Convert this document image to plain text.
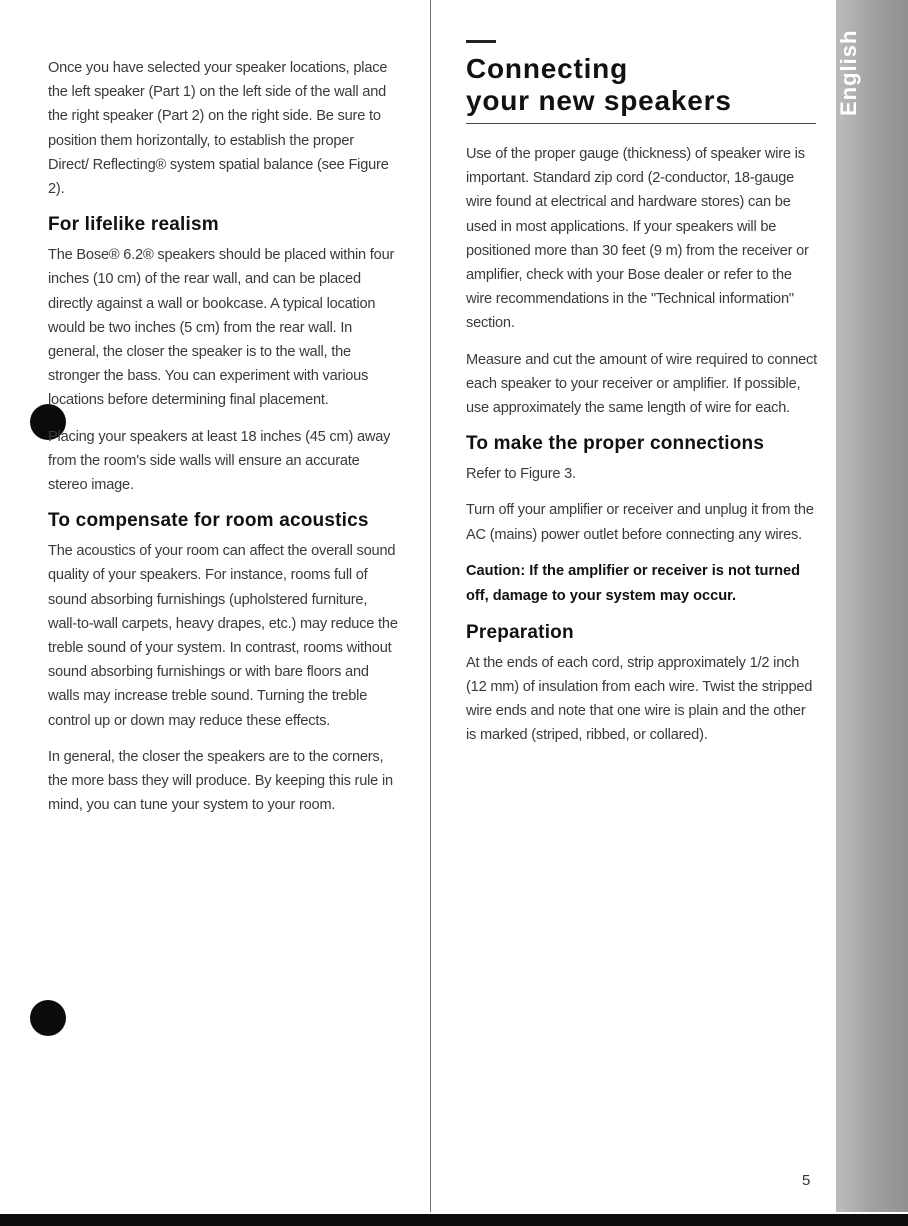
English

Once you have selected your speaker locations, place the left speaker (Part 1) on the left side of the wall and the right speaker (Part 2) on the right side. Be sure to position them horizontally, to establish the proper Direct/ Reflecting® system spatial balance (see Figure 2).

For lifelike realism

The Bose® 6.2® speakers should be placed within four inches (10 cm) of the rear wall, and can be placed directly against a wall or bookcase. A typical location would be two inches (5 cm) from the rear wall. In general, the closer the speaker is to the wall, the stronger the bass. You can experiment with various locations before determining final placement.

Placing your speakers at least 18 inches (45 cm) away from the room's side walls will ensure an accurate stereo image.

To compensate for room acoustics

The acoustics of your room can affect the overall sound quality of your speakers. For instance, rooms full of sound absorbing furnishings (upholstered furniture, wall-to-wall carpets, heavy drapes, etc.) may reduce the treble sound of your system. In contrast, rooms without sound absorbing furnishings or with bare floors and walls may increase treble sound. Turning the treble control up or down may reduce these effects.

In general, the closer the speakers are to the corners, the more bass they will produce. By keeping this rule in mind, you can tune your system to your room.

Connecting
your new speakers

Use of the proper gauge (thickness) of speaker wire is important. Standard zip cord (2-conductor, 18-gauge wire found at electrical and hardware stores) can be used in most applications. If your speakers will be positioned more than 30 feet (9 m) from the receiver or amplifier, check with your Bose dealer or refer to the wire recommendations in the "Technical information" section.

Measure and cut the amount of wire required to connect each speaker to your receiver or amplifier. If possible, use approximately the same length of wire for each.

To make the proper connections

Refer to Figure 3.

Turn off your amplifier or receiver and unplug it from the AC (mains) power outlet before connecting any wires.

Caution: If the amplifier or receiver is not turned off, damage to your system may occur.

Preparation

At the ends of each cord, strip approximately 1/2 inch (12 mm) of insulation from each wire. Twist the stripped wire ends and note that one wire is plain and the other is marked (striped, ribbed, or collared).

5
